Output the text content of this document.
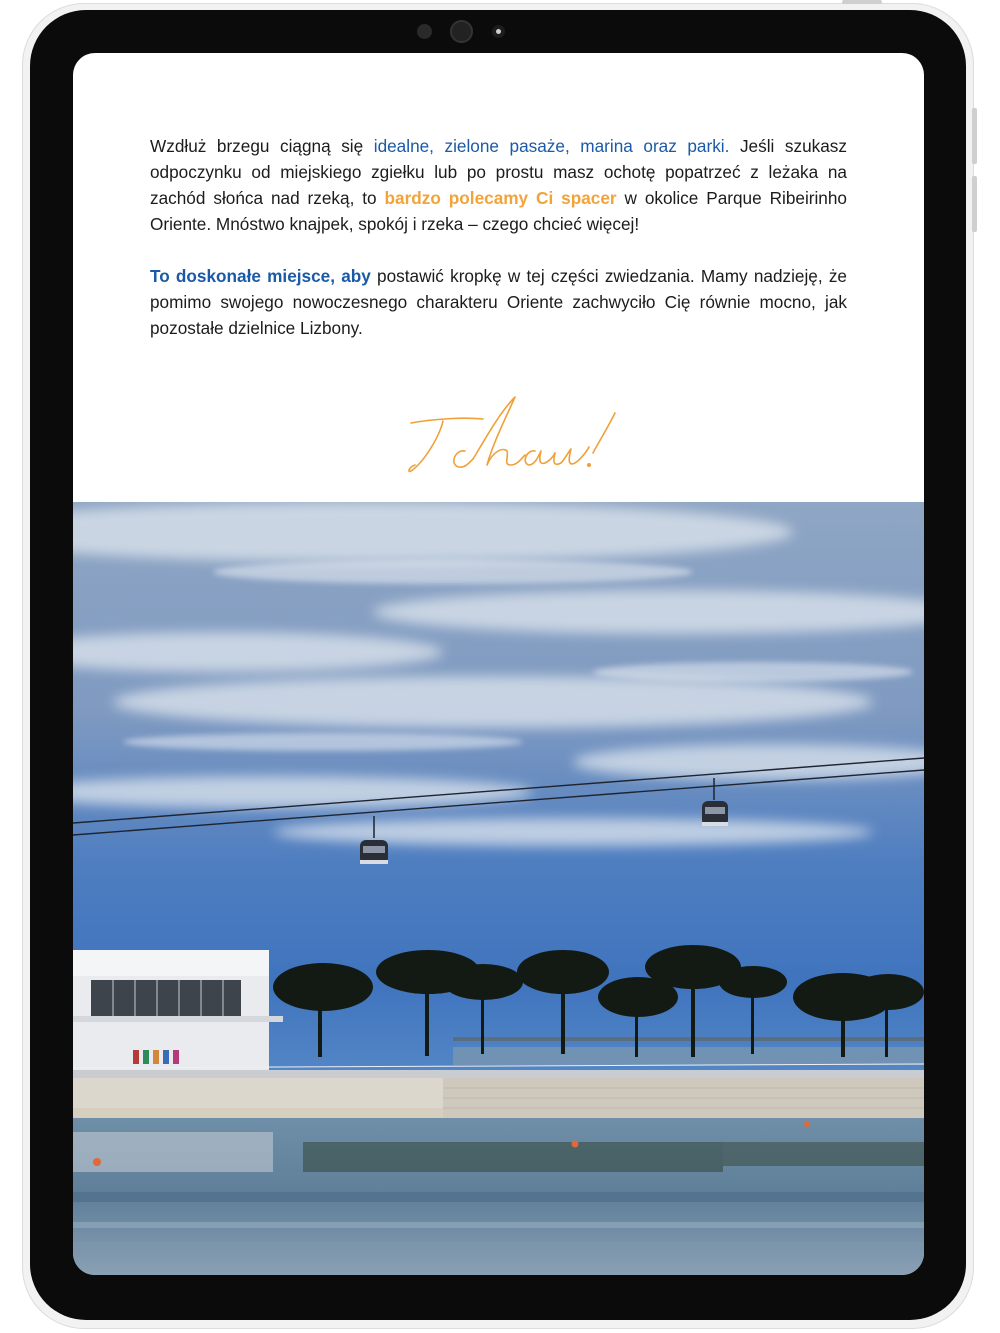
Wzdłuż brzegu ciągną się idealne, zielone pasaże, marina oraz parki. Jeśli szukasz odpoczynku od miejskiego zgiełku lub po prostu masz ochotę popatrzeć z leżaka na zachód słońca nad rzeką, to bardzo polecamy Ci spacer w okolice Parque Ribeirinho Oriente. Mnóstwo knajpek, spokój i rzeka – czego chcieć więcej!

To doskonałe miejsce, aby postawić kropkę w tej części zwiedzania. Mamy nadzieję, że pomimo swojego nowoczesnego charakteru Oriente zachwyciło Cię równie mocno, jak pozostałe dzielnice Lizbony.
